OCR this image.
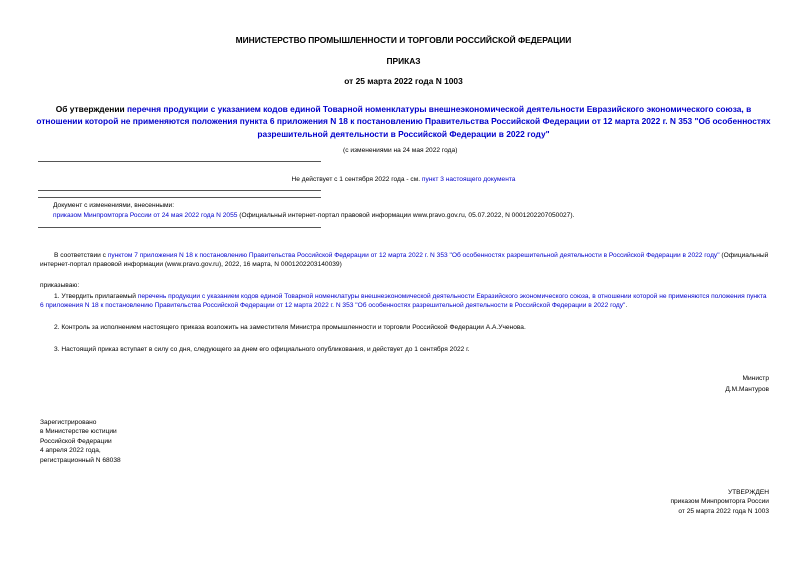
МИНИСТЕРСТВО ПРОМЫШЛЕННОСТИ И ТОРГОВЛИ РОССИЙСКОЙ ФЕДЕРАЦИИ
ПРИКАЗ
от 25 марта 2022 года N 1003
Об утверждении перечня продукции с указанием кодов единой Товарной номенклатуры внешнеэкономической деятельности Евразийского экономического союза, в отношении которой не применяются положения пункта 6 приложения N 18 к постановлению Правительства Российской Федерации от 12 марта 2022 г. N 353 "Об особенностях разрешительной деятельности в Российской Федерации в 2022 году"
(с изменениями на 24 мая 2022 года)
Не действует с 1 сентября 2022 года - см. пункт 3 настоящего документа
Документ с изменениями, внесенными:
приказом Минпромторга России от 24 мая 2022 года N 2055 (Официальный интернет-портал правовой информации www.pravo.gov.ru, 05.07.2022, N 0001202207050027).
В соответствии с пунктом 7 приложения N 18 к постановлению Правительства Российской Федерации от 12 марта 2022 г. N 353 "Об особенностях разрешительной деятельности в Российской Федерации в 2022 году" (Официальный интернет-портал правовой информации (www.pravo.gov.ru), 2022, 16 марта, N 0001202203140039)
приказываю:
1. Утвердить прилагаемый перечень продукции с указанием кодов единой Товарной номенклатуры внешнеэкономической деятельности Евразийского экономического союза, в отношении которой не применяются положения пункта 6 приложения N 18 к постановлению Правительства Российской Федерации от 12 марта 2022 г. N 353 "Об особенностях разрешительной деятельности в Российской Федерации в 2022 году".
2. Контроль за исполнением настоящего приказа возложить на заместителя Министра промышленности и торговли Российской Федерации А.А.Ученова.
3. Настоящий приказ вступает в силу со дня, следующего за днем его официального опубликования, и действует до 1 сентября 2022 г.
Министр
Д.М.Мантуров
Зарегистрировано
в Министерстве юстиции
Российской Федерации
4 апреля 2022 года,
регистрационный N 68038
УТВЕРЖДЕН
приказом Минпромторга России
от 25 марта 2022 года N 1003
